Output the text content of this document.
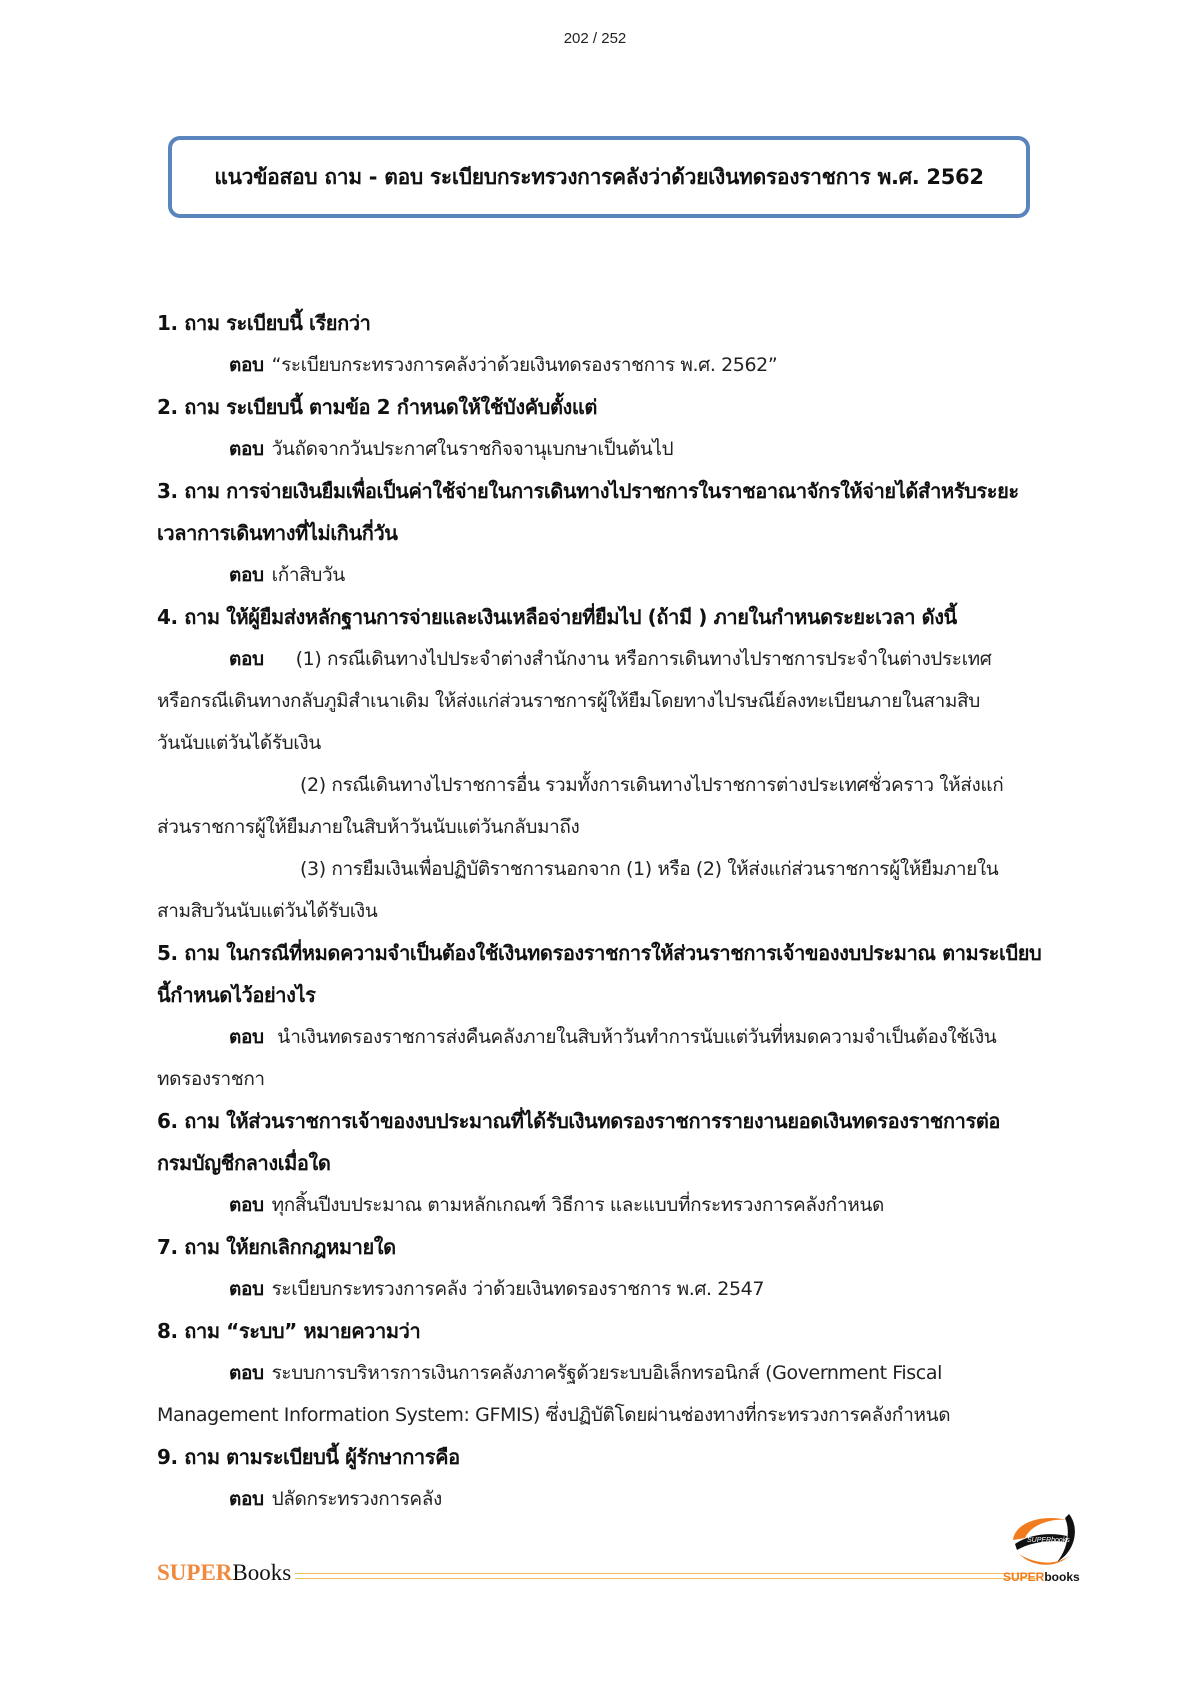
202 / 252
แนวข้อสอบ ถาม - ตอบ ระเบียบกระทรวงการคลังว่าด้วยเงินทดรองราชการ พ.ศ. 2562
1. ถาม ระเบียบนี้ เรียกว่า
ตอบ “ระเบียบกระทรวงการคลังว่าด้วยเงินทดรองราชการ พ.ศ. 2562”
2. ถาม ระเบียบนี้ ตามข้อ 2 กำหนดให้ใช้บังคับตั้งแต่
ตอบ วันถัดจากวันประกาศในราชกิจจานุเบกษาเป็นต้นไป
3. ถาม การจ่ายเงินยืมเพื่อเป็นค่าใช้จ่ายในการเดินทางไปราชการในราชอาณาจักรให้จ่ายได้สำหรับระยะ
เวลาการเดินทางที่ไม่เกินกี่วัน
ตอบ เก้าสิบวัน
4. ถาม ให้ผู้ยืมส่งหลักฐานการจ่ายและเงินเหลือจ่ายที่ยืมไป (ถ้ามี ) ภายในกำหนดระยะเวลา ดังนี้
ตอบ (1) กรณีเดินทางไปประจำต่างสำนักงาน หรือการเดินทางไปราชการประจำในต่างประเทศ
หรือกรณีเดินทางกลับภูมิสำเนาเดิม ให้ส่งแก่ส่วนราชการผู้ให้ยืมโดยทางไปรษณีย์ลงทะเบียนภายในสามสิบ
วันนับแต่วันได้รับเงิน
(2) กรณีเดินทางไปราชการอื่น รวมทั้งการเดินทางไปราชการต่างประเทศชั่วคราว ให้ส่งแก่
ส่วนราชการผู้ให้ยืมภายในสิบห้าวันนับแต่วันกลับมาถึง
(3) การยืมเงินเพื่อปฏิบัติราชการนอกจาก (1) หรือ (2) ให้ส่งแก่ส่วนราชการผู้ให้ยืมภายใน
สามสิบวันนับแต่วันได้รับเงิน
5. ถาม ในกรณีที่หมดความจำเป็นต้องใช้เงินทดรองราชการให้ส่วนราชการเจ้าของงบประมาณ ตามระเบียบ
นี้กำหนดไว้อย่างไร
ตอบ นำเงินทดรองราชการส่งคืนคลังภายในสิบห้าวันทำการนับแต่วันที่หมดความจำเป็นต้องใช้เงิน
ทดรองราชกา
6. ถาม ให้ส่วนราชการเจ้าของงบประมาณที่ได้รับเงินทดรองราชการรายงานยอดเงินทดรองราชการต่อ
กรมบัญชีกลางเมื่อใด
ตอบ ทุกสิ้นปีงบประมาณ ตามหลักเกณฑ์ วิธีการ และแบบที่กระทรวงการคลังกำหนด
7. ถาม ให้ยกเลิกกฎหมายใด
ตอบ ระเบียบกระทรวงการคลัง ว่าด้วยเงินทดรองราชการ พ.ศ. 2547
8. ถาม “ระบบ” หมายความว่า
ตอบ ระบบการบริหารการเงินการคลังภาครัฐด้วยระบบอิเล็กทรอนิกส์ (Government Fiscal
Management Information System: GFMIS) ซึ่งปฏิบัติโดยผ่านช่องทางที่กระทรวงการคลังกำหนด
9. ถาม ตามระเบียบนี้ ผู้รักษาการคือ
ตอบ ปลัดกระทรวงการคลัง
SUPERBooks
SUPERbooks
SUPERbooks
